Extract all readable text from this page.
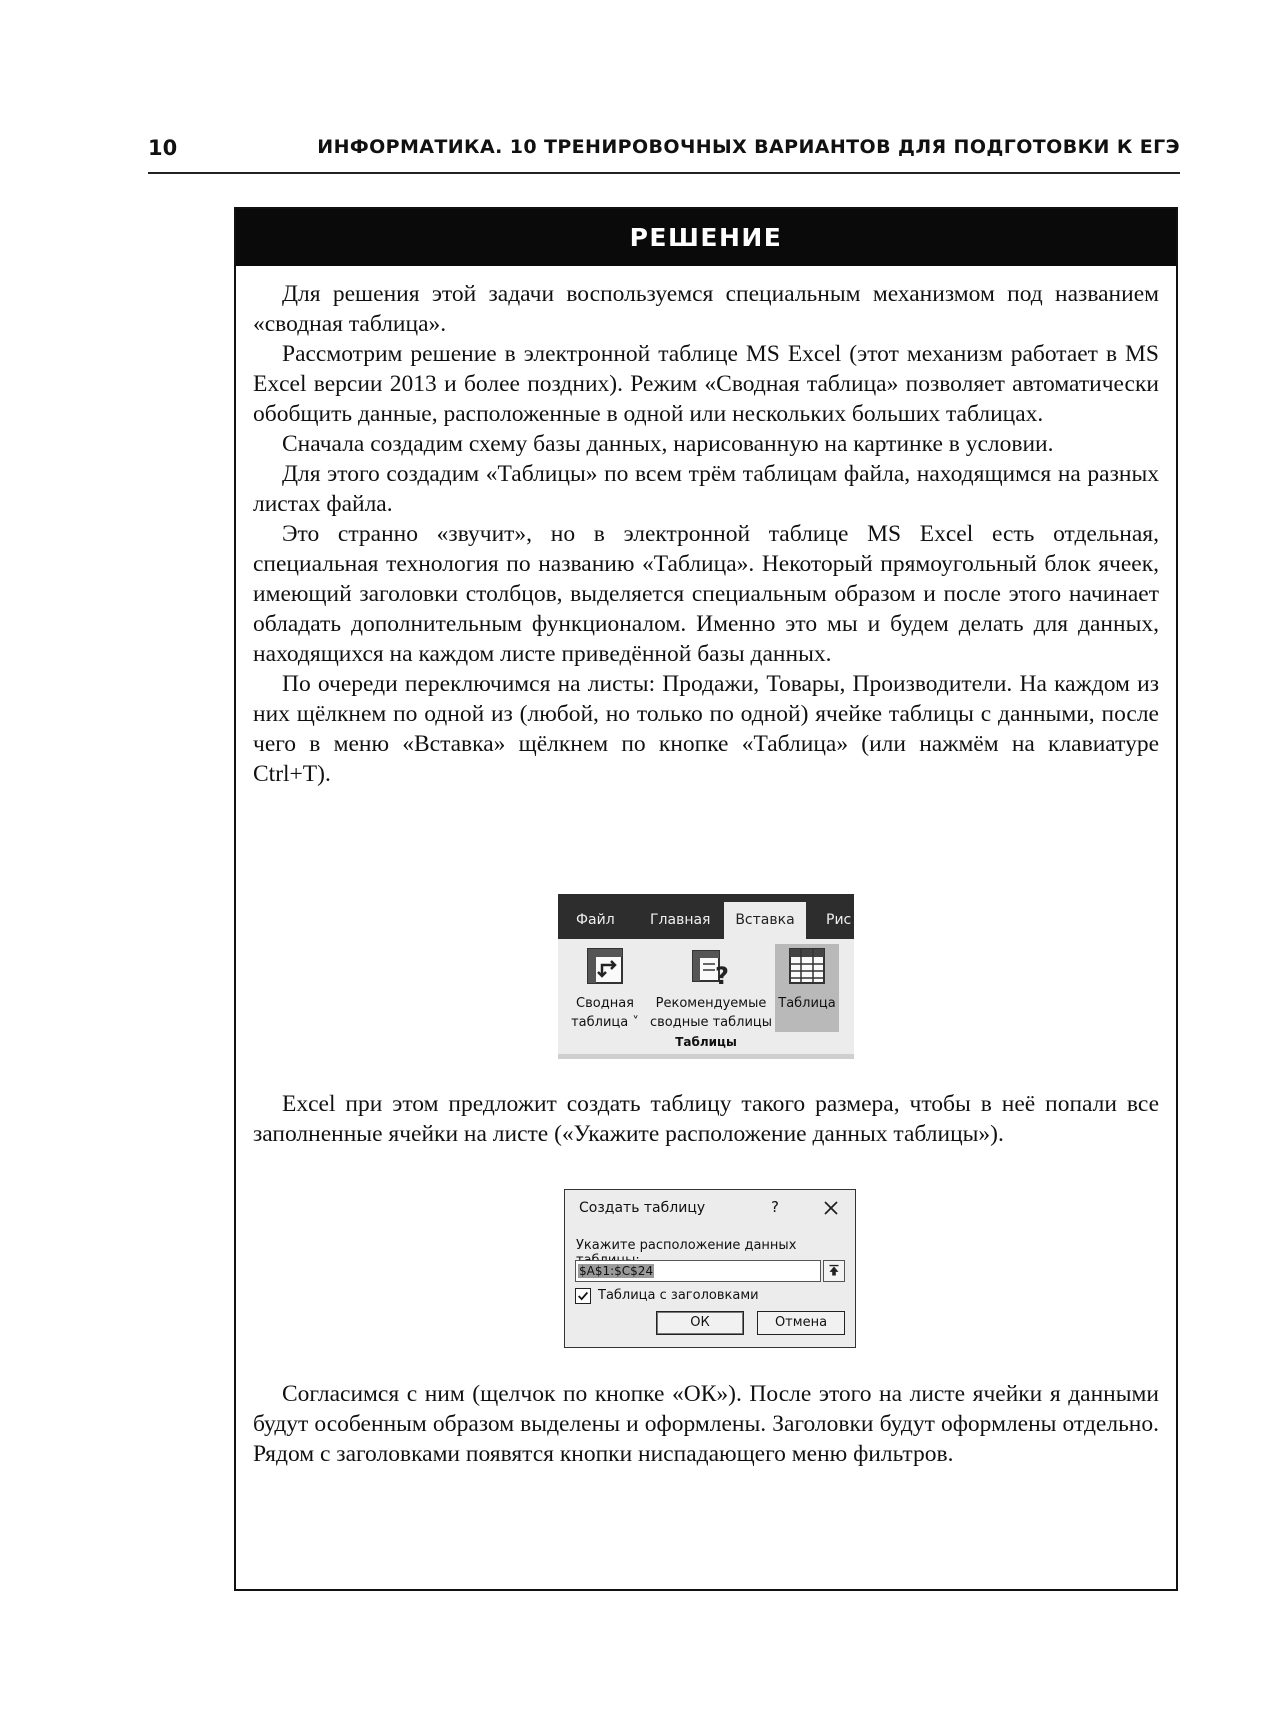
10	ИНФОРМАТИКА. 10 ТРЕНИРОВОЧНЫХ ВАРИАНТОВ ДЛЯ ПОДГОТОВКИ К ЕГЭ
РЕШЕНИЕ

Для решения этой задачи воспользуемся специальным механизмом под названием «сводная таблица».

Рассмотрим решение в электронной таблице MS Excel (этот механизм работает в MS Excel версии 2013 и более поздних). Режим «Сводная таблица» позволяет автоматически обобщить данные, расположенные в одной или нескольких больших таблицах.

Сначала создадим схему базы данных, нарисованную на картинке в условии.

Для этого создадим «Таблицы» по всем трём таблицам файла, находящимся на разных листах файла.

Это странно «звучит», но в электронной таблице MS Excel есть отдельная, специальная технология по названию «Таблица». Некоторый прямоугольный блок ячеек, имеющий заголовки столбцов, выделяется специальным образом и после этого начинает обладать дополнительным функционалом. Именно это мы и будем делать для данных, находящихся на каждом листе приведённой базы данных.

По очереди переключимся на листы: Продажи, Товары, Производители. На каждом из них щёлкнем по одной из (любой, но только по одной) ячейке таблицы с данными, после чего в меню «Вставка» щёлкнем по кнопке «Таблица» (или нажмём на клавиатуре Ctrl+T).

Excel при этом предложит создать таблицу такого размера, чтобы в неё попали все заполненные ячейки на листе («Укажите расположение данных таблицы»).

Согласимся с ним (щелчок по кнопке «ОК»). После этого на листе ячейки я данными будут особенным образом выделены и оформлены. Заголовки будут оформлены отдельно. Рядом с заголовками появятся кнопки ниспадающего меню фильтров.

Файл	Главная	Вставка	Рис
Сводная
таблица ˅
?
Рекомендуемые
сводные таблицы
Таблица
Таблицы
Создать таблицу	?
Укажите расположение данных
$A$1:$C$24
Таблица с заголовками
ОК	Отмена
